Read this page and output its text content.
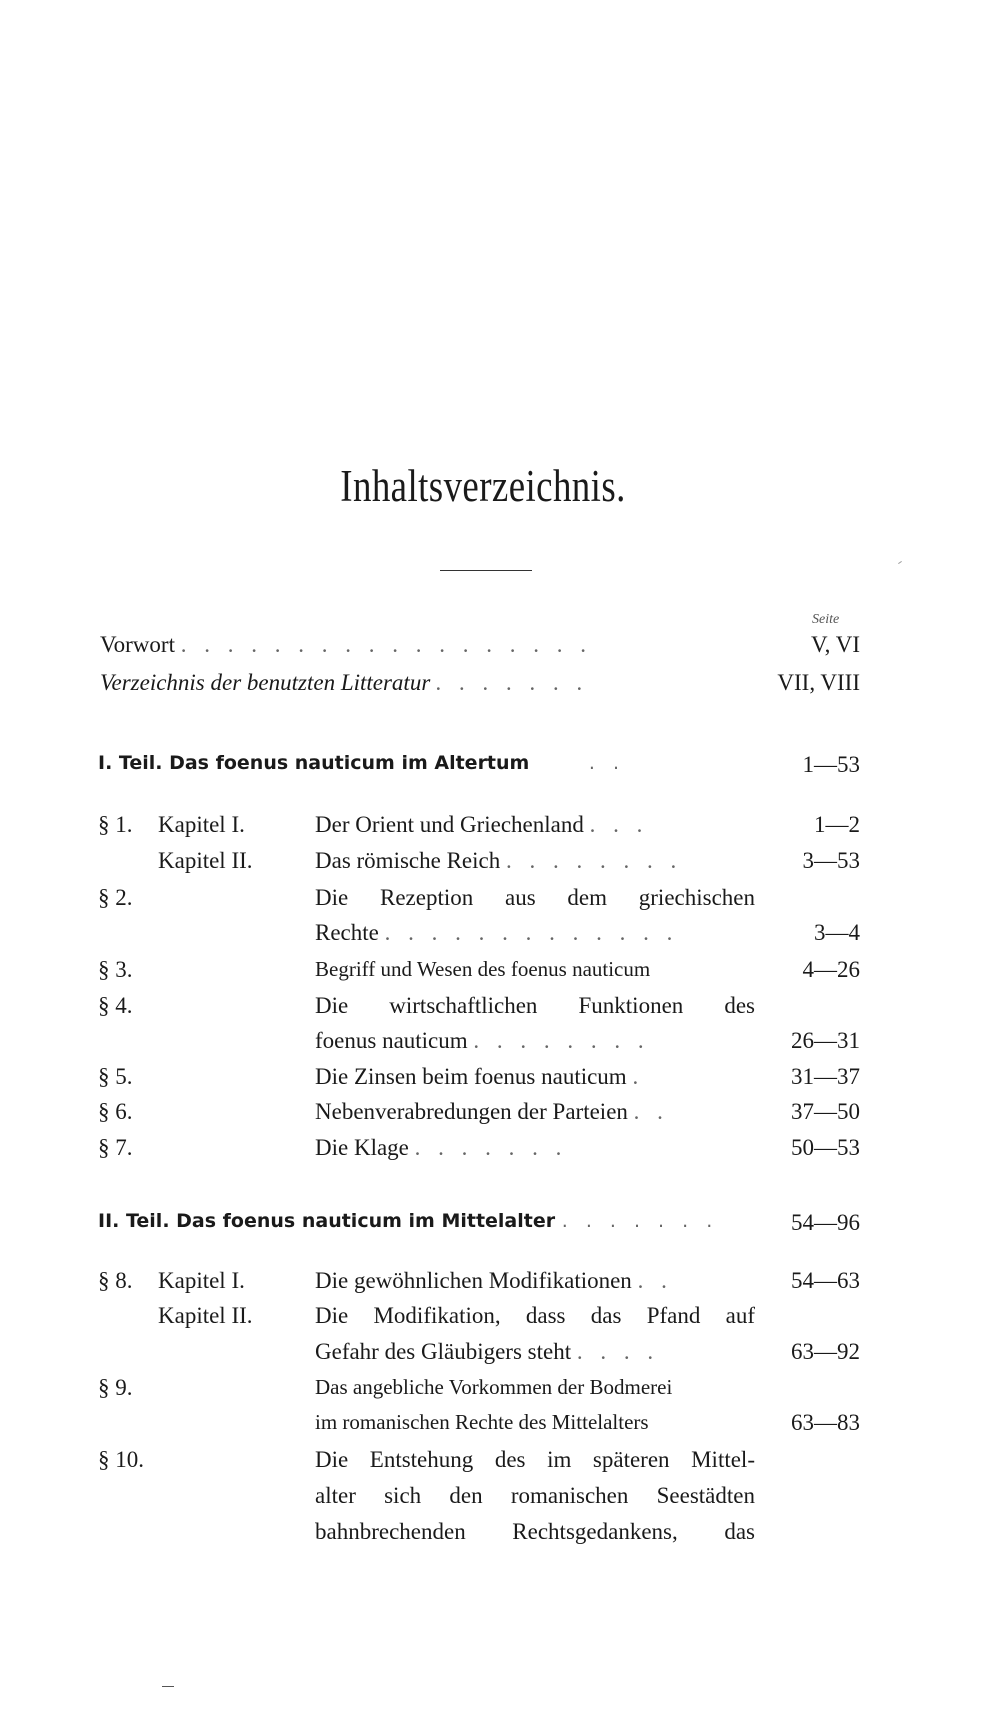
Inhaltsverzeichnis.
Seite
Vorwort . . . . . . . . . . . . . . . . . .	V, VI
Verzeichnis der benutzten Litteratur . . . . . . .	VII, VIII
I. Teil. Das foenus nauticum im Altertum	. .	1—53
§ 1. Kapitel I.	Der Orient und Griechenland . . .	1—2
Kapitel II.	Das römische Reich . . . . . . . .	3—53
§ 2.	Die Rezeption aus dem griechischen
Rechte . . . . . . . . . . . . .	3—4
§ 3.	Begriff und Wesen des foenus nauticum	4—26
§ 4.	Die wirtschaftlichen Funktionen des
foenus nauticum . . . . . . . .	26—31
§ 5.	Die Zinsen beim foenus nauticum .	31—37
§ 6.	Nebenverabredungen der Parteien . .	37—50
§ 7.	Die Klage . . . . . . .	50—53
II. Teil. Das foenus nauticum im Mittelalter . . . . . . .	54—96
§ 8. Kapitel I.	Die gewöhnlichen Modifikationen . .	54—63
Kapitel II.	Die Modifikation, dass das Pfand auf
Gefahr des Gläubigers steht . . . .	63—92
§ 9.	Das angebliche Vorkommen der Bodmerei
im romanischen Rechte des Mittelalters	63—83
§ 10.	Die Entstehung des im späteren Mittel-
alter sich den romanischen Seestädten
bahnbrechenden Rechtsgedankens, das
